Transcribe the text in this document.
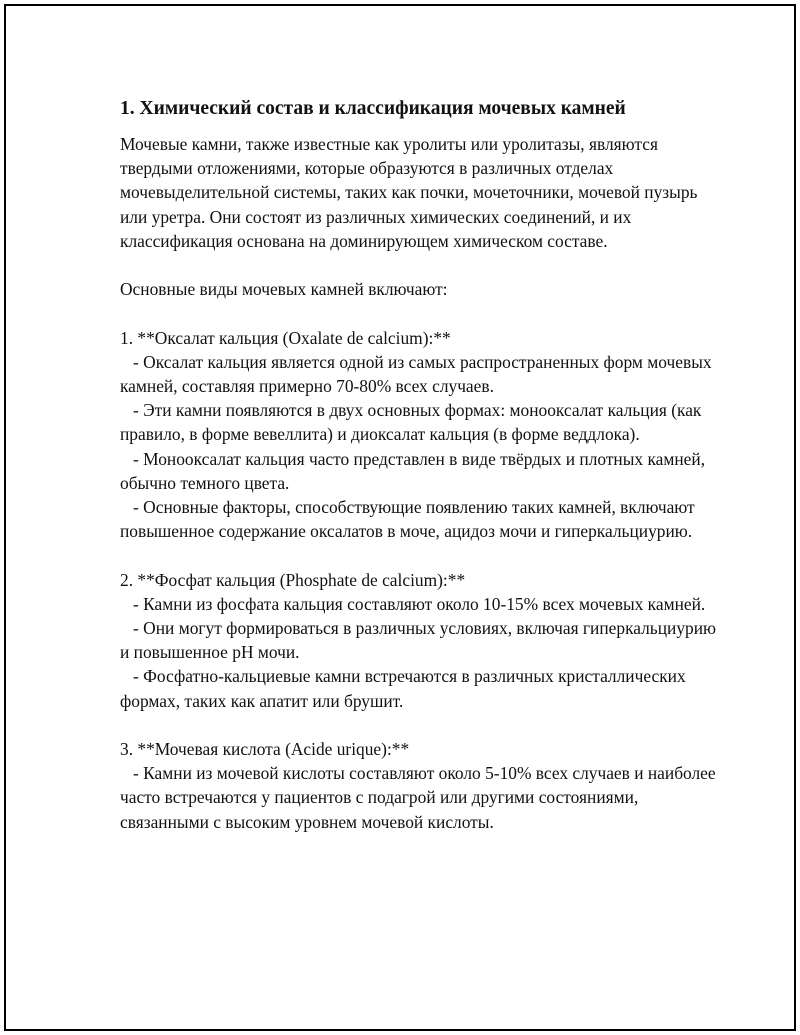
1. Химический состав и классификация мочевых камней

Мочевые камни, также известные как уролиты или уролитазы, являются твердыми отложениями, которые образуются в различных отделах мочевыделительной системы, таких как почки, мочеточники, мочевой пузырь или уретра. Они состоят из различных химических соединений, и их классификация основана на доминирующем химическом составе.

Основные виды мочевых камней включают:

1. **Оксалат кальция (Oxalate de calcium):**

- Оксалат кальция является одной из самых распространенных форм мочевых камней, составляя примерно 70-80% всех случаев.

- Эти камни появляются в двух основных формах: монооксалат кальция (как правило, в форме вевеллита) и диоксалат кальция (в форме веддлока).

- Монооксалат кальция часто представлен в виде твёрдых и плотных камней, обычно темного цвета.

- Основные факторы, способствующие появлению таких камней, включают повышенное содержание оксалатов в моче, ацидоз мочи и гиперкальциурию.

2. **Фосфат кальция (Phosphate de calcium):**

- Камни из фосфата кальция составляют около 10-15% всех мочевых камней.

- Они могут формироваться в различных условиях, включая гиперкальциурию и повышенное pH мочи.

- Фосфатно-кальциевые камни встречаются в различных кристаллических формах, таких как апатит или брушит.

3. **Мочевая кислота (Acide urique):**

- Камни из мочевой кислоты составляют около 5-10% всех случаев и наиболее часто встречаются у пациентов с подагрой или другими состояниями, связанными с высоким уровнем мочевой кислоты.
